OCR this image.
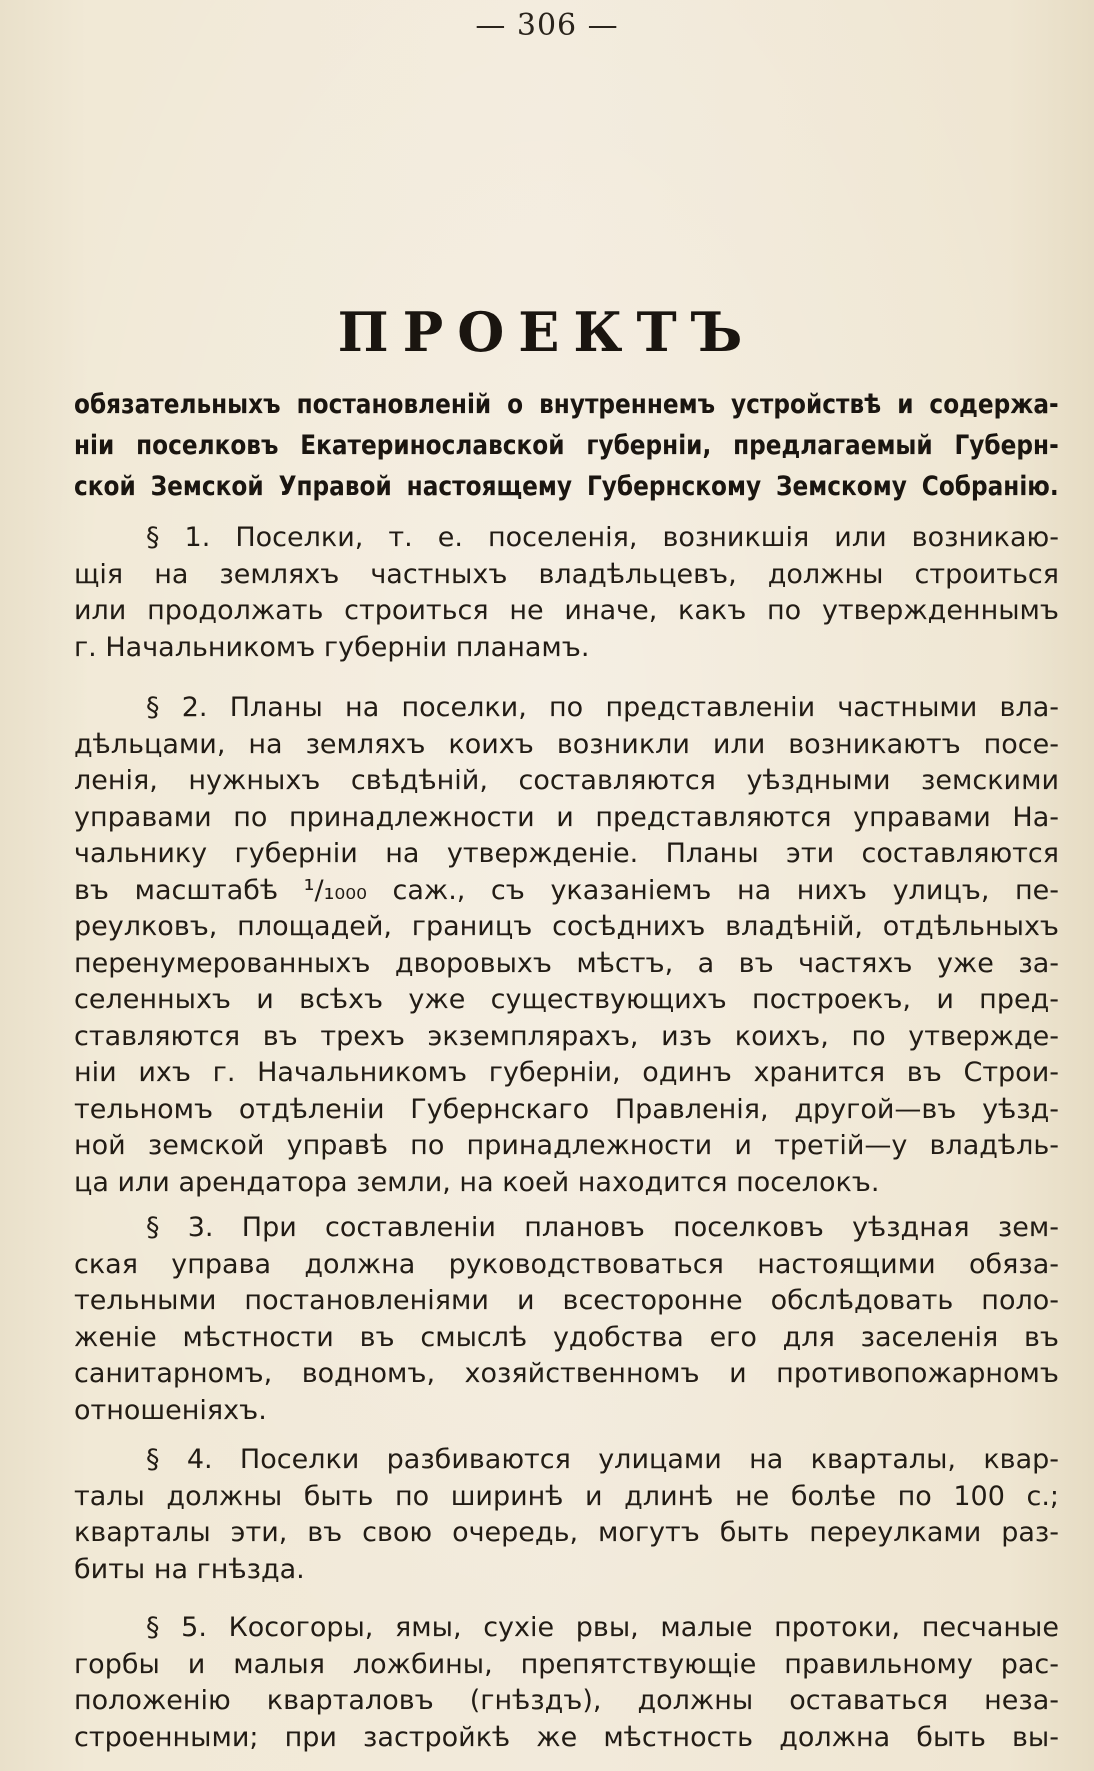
— 306 —
ПРОЕКТЪ
обязательныхъ постановленій о внутреннемъ устройствѣ и содержа-
ніи поселковъ Екатеринославской губерніи, предлагаемый Губерн-
ской Земской Управой настоящему Губернскому Земскому Собранію.

§ 1. Поселки, т. е. поселенія, возникшія или возникаю-
щія на земляхъ частныхъ владѣльцевъ, должны строиться
или продолжать строиться не иначе, какъ по утвержденнымъ
г. Начальникомъ губерніи планамъ.

§ 2. Планы на поселки, по представленіи частными вла-
дѣльцами, на земляхъ коихъ возникли или возникаютъ посе-
ленія, нужныхъ свѣдѣній, составляются уѣздными земскими
управами по принадлежности и представляются управами На-
чальнику губерніи на утвержденіе. Планы эти составляются
въ масштабѣ ¹/₁₀₀₀ саж., съ указаніемъ на нихъ улицъ, пе-
реулковъ, площадей, границъ сосѣднихъ владѣній, отдѣльныхъ
перенумерованныхъ дворовыхъ мѣстъ, а въ частяхъ уже за-
селенныхъ и всѣхъ уже существующихъ построекъ, и пред-
ставляются въ трехъ экземплярахъ, изъ коихъ, по утвержде-
ніи ихъ г. Начальникомъ губерніи, одинъ хранится въ Строи-
тельномъ отдѣленіи Губернскаго Правленія, другой—въ уѣзд-
ной земской управѣ по принадлежности и третій—у владѣль-
ца или арендатора земли, на коей находится поселокъ.

§ 3. При составленіи плановъ поселковъ уѣздная зем-
ская управа должна руководствоваться настоящими обяза-
тельными постановленіями и всесторонне обслѣдовать поло-
женіе мѣстности въ смыслѣ удобства его для заселенія въ
санитарномъ, водномъ, хозяйственномъ и противопожарномъ
отношеніяхъ.

§ 4. Поселки разбиваются улицами на кварталы, квар-
талы должны быть по ширинѣ и длинѣ не болѣе по 100 с.;
кварталы эти, въ свою очередь, могутъ быть переулками раз-
биты на гнѣзда.

§ 5. Косогоры, ямы, сухіе рвы, малые протоки, песчаные
горбы и малыя ложбины, препятствующіе правильному рас-
положенію кварталовъ (гнѣздъ), должны оставаться неза-
строенными; при застройкѣ же мѣстность должна быть вы-
